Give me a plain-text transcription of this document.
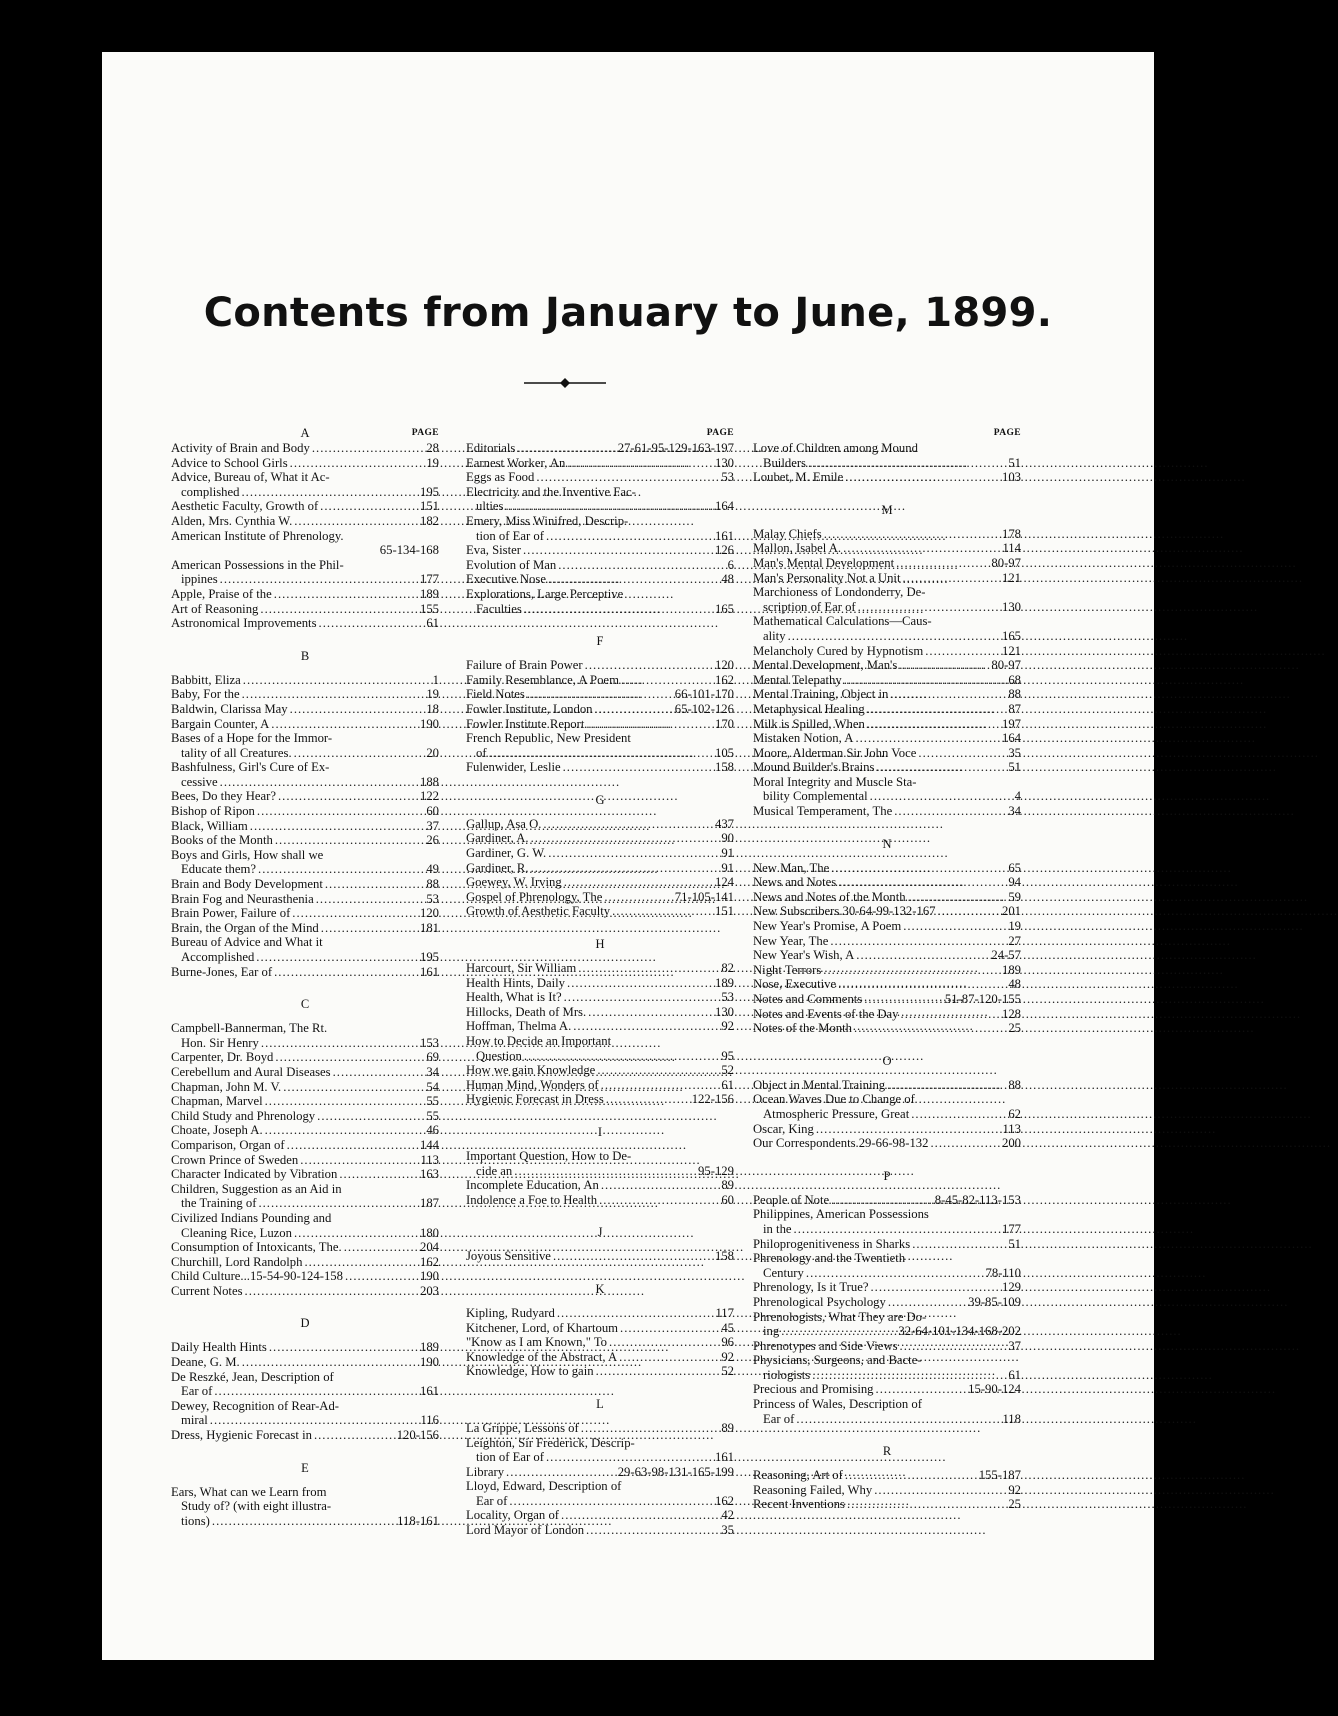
Contents from January to June, 1899.
A	PAGE
Activity of Brain and Body .....	28
Advice to School Girls .....	19
Advice, Bureau of, What it Ac-
complished .....	195
Aesthetic Faculty, Growth of .....	151
Alden, Mrs. Cynthia W. .....	182
American Institute of Phrenology.
65-134-168
American Possessions in the Phil-
ippines .....	177
Apple, Praise of the .....	189
Art of Reasoning .....	155
Astronomical Improvements .....	61
B
Babbitt, Eliza .....	1
Baby, For the .....	19
Baldwin, Clarissa May .....	18
Bargain Counter, A .....	190
Bases of a Hope for the Immor-
tality of all Creatures. .....	20
Bashfulness, Girl's Cure of Ex-
cessive .....	188
Bees, Do they Hear? .....	122
Bishop of Ripon .....	60
Black, William .....	37
Books of the Month .....	26
Boys and Girls, How shall we
Educate them? .....	49
Brain and Body Development .....	88
Brain Fog and Neurasthenia .....	53
Brain Power, Failure of .....	120
Brain, the Organ of the Mind .....	181
Bureau of Advice and What it
Accomplished .....	195
Burne-Jones, Ear of .....	161
C
Campbell-Bannerman, The Rt.
Hon. Sir Henry .....	153
Carpenter, Dr. Boyd .....	69
Cerebellum and Aural Diseases .....	34
Chapman, John M. V. .....	54
Chapman, Marvel .....	55
Child Study and Phrenology .....	55
Choate, Joseph A. .....	46
Comparison, Organ of .....	144
Crown Prince of Sweden .....	113
Character Indicated by Vibration .....	163
Children, Suggestion as an Aid in
the Training of .....	187
Civilized Indians Pounding and
Cleaning Rice, Luzon .....	180
Consumption of Intoxicants, The. .....	204
Churchill, Lord Randolph .....	162
Child Culture...15-54-90-124-158 .....	190
Current Notes .....	203
D
Daily Health Hints .....	189
Deane, G. M. .....	190
De Reszké, Jean, Description of
Ear of .....	161
Dewey, Recognition of Rear-Ad-
miral .....	116
Dress, Hygienic Forecast in .....	120-156
E
Ears, What can we Learn from
Study of? (with eight illustra-
tions) .....	118-161
PAGE
Editorials .....	27-61-95-129-163-197
Earnest Worker, An .....	130
Eggs as Food .....	53
Electricity and the Inventive Fac-
ulties .....	164
Emery, Miss Winifred, Descrip-
tion of Ear of .....	161
Eva, Sister .....	126
Evolution of Man .....	6
Executive Nose .....	48
Explorations, Large Perceptive
Faculties .....	165
F
Failure of Brain Power .....	120
Family Resemblance, A Poem .....	162
Field Notes .....	66-101-170
Fowler Institute, London .....	65-102-126
Fowler Institute Report .....	170
French Republic, New President
of .....	105
Fulenwider, Leslie .....	158
G
Gallup, Asa O. .....	437
Gardiner, A. .....	90
Gardiner, G. W. .....	91
Gardiner, R. .....	91
Goewey, W. Irving .....	124
Gospel of Phrenology, The .....	71-105-141
Growth of Aesthetic Faculty .....	151
H
Harcourt, Sir William .....	82
Health Hints, Daily .....	189
Health, What is It? .....	53
Hillocks, Death of Mrs. .....	130
Hoffman, Thelma A. .....	92
How to Decide an Important
Question .....	95
How we gain Knowledge .....	52
Human Mind, Wonders of .....	61
Hygienic Forecast in Dress .....	122-156
I
Important Question, How to De-
cide an .....	95-129
Incomplete Education, An .....	89
Indolence a Foe to Health .....	60
J
Joyous Sensitive .....	158
K
Kipling, Rudyard .....	117
Kitchener, Lord, of Khartoum .....	45
"Know as I am Known," To .....	96
Knowledge of the Abstract, A .....	92
Knowledge, How to gain .....	52
L
La Grippe, Lessons of .....	89
Leighton, Sir Frederick, Descrip-
tion of Ear of .....	161
Library .....	29-63-98-131-165-199
Lloyd, Edward, Description of
Ear of .....	162
Locality, Organ of .....	42
Lord Mayor of London .....	35
PAGE
Love of Children among Mound
Builders .....	51
Loubet, M. Emile .....	103
M
Malay Chiefs .....	178
Mallon, Isabel A. .....	114
Man's Mental Development .....	80-97
Man's Personality Not a Unit .....	121
Marchioness of Londonderry, De-
scription of Ear of .....	130
Mathematical Calculations—Caus-
ality .....	165
Melancholy Cured by Hypnotism .....	121
Mental Development, Man's .....	80-97
Mental Telepathy .....	68
Mental Training, Object in .....	88
Metaphysical Healing .....	87
Milk is Spilled, When .....	197
Mistaken Notion, A .....	164
Moore, Alderman Sir John Voce .....	35
Mound Builder's Brains .....	51
Moral Integrity and Muscle Sta-
bility Complemental .....	4
Musical Temperament, The .....	34
N
New Man, The .....	65
News and Notes .....	94
News and Notes of the Month .....	59
New Subscribers.30-64-99-132-167 .....	201
New Year's Promise, A Poem .....	19
New Year, The .....	27
New Year's Wish, A .....	24-57
Night Terrors .....	189
Nose, Executive .....	48
Notes and Comments .....	51-87-120-155
Notes and Events of the Day .....	128
Notes of the Month .....	25
O
Object in Mental Training .....	88
Ocean Waves Due to Change of
Atmospheric Pressure, Great .....	62
Oscar, King .....	113
Our Correspondents.29-66-98-132 .....	200
P
People of Note .....	8-45-82-113-153
Philippines, American Possessions
in the .....	177
Philoprogenitiveness in Sharks .....	51
Phrenology and the Twentieth
Century .....	78-110
Phrenology, Is it True? .....	129
Phrenological Psychology .....	39-85-109
Phrenologists, What They are Do-
ing .....	32-64-101-134-168-202
Phrenotypes and Side Views .....	37
Physicians, Surgeons, and Bacte-
riologists .....	61
Precious and Promising .....	15-90-124
Princess of Wales, Description of
Ear of .....	118
R
Reasoning, Art of .....	155-187
Reasoning Failed, Why .....	92
Recent Inventions .....	25
